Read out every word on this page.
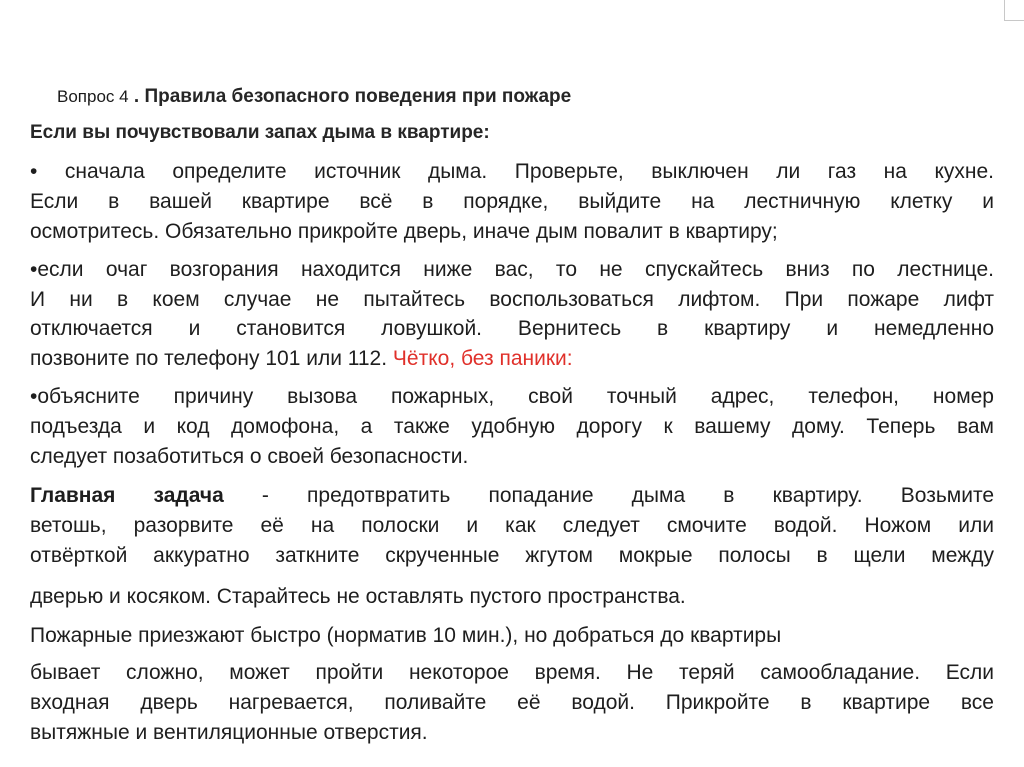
Вопрос 4 . Правила безопасного поведения при пожаре
Если вы почувствовали запах дыма в квартире:
• сначала определите источник дыма. Проверьте, выключен ли газ на кухне.
Если в вашей квартире всё в порядке, выйдите на лестничную клетку и
осмотритесь. Обязательно прикройте дверь, иначе дым повалит в квартиру;
•если очаг возгорания находится ниже вас, то не спускайтесь вниз по лестнице.
И ни в коем случае не пытайтесь воспользоваться лифтом. При пожаре лифт
отключается и становится ловушкой. Вернитесь в квартиру и немедленно
позвоните по телефону 101 или 112. Чётко, без паники:
•объясните причину вызова пожарных, свой точный адрес, телефон, номер
подъезда и код домофона, а также удобную дорогу к вашему дому. Теперь вам
следует позаботиться о своей безопасности.
Главная задача - предотвратить попадание дыма в квартиру. Возьмите
ветошь, разорвите её на полоски и как следует смочите водой. Ножом или
отвёрткой аккуратно заткните скрученные жгутом мокрые полосы в щели между
дверью и косяком. Старайтесь не оставлять пустого пространства.
Пожарные приезжают быстро (норматив 10 мин.), но добраться до квартиры
бывает сложно, может пройти некоторое время. Не теряй самообладание. Если
входная дверь нагревается, поливайте её водой. Прикройте в квартире все
вытяжные и вентиляционные отверстия.
